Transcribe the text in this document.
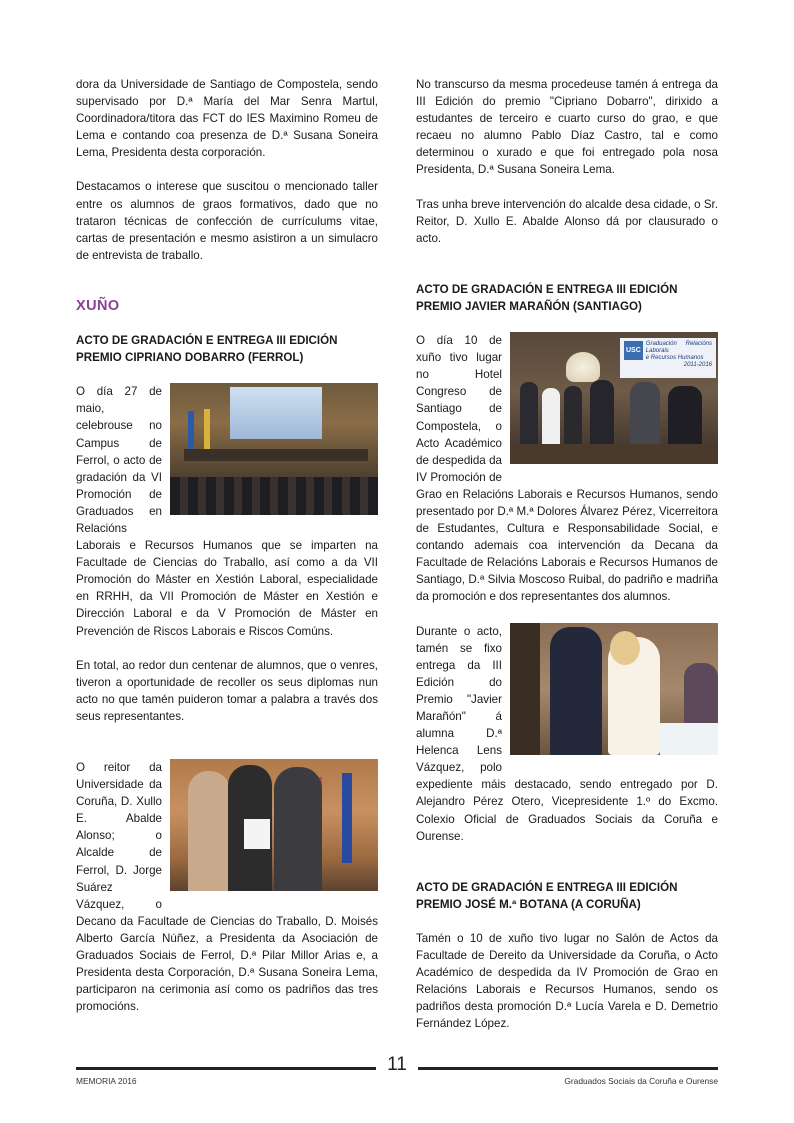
dora da Universidade de Santiago de Compostela, sendo supervisado por D.ª María del Mar Senra Martul, Coordinadora/titora das FCT do IES Maximino Romeu de Lema e contando coa presenza de D.ª Susana Soneira Lema, Presidenta desta corporación.

Destacamos o interese que suscitou o mencionado taller entre os alumnos de graos formativos, dado que no trataron técnicas de confección de currículums vitae, cartas de presentación e mesmo asistiron a un simulacro de entrevista de traballo.

XUÑO
ACTO DE GRADACIÓN E ENTREGA III EDICIÓN PREMIO CIPRIANO DOBARRO (FERROL)

O día 27 de maio, celebrouse no Campus de Ferrol, o acto de gradación da VI Promoción de Graduados en Relacións Laborais e Recursos Humanos que se imparten na Facultade de Ciencias do Traballo, así como a da VII Promoción do Máster en Xestión Laboral, especialidade en RRHH, da VII Promoción de Máster en Xestión e Dirección Laboral e da V Promoción de Máster en Prevención de Riscos Laborais e Riscos Comúns.

En total, ao redor dun centenar de alumnos, que o venres, tiveron a oportunidade de recoller os seus diplomas nun acto no que tamén puideron tomar a palabra a través dos seus representantes.

O reitor da Universidade da Coruña, D. Xullo E. Abalde Alonso; o Alcalde de Ferrol, D. Jorge Suárez Vázquez, o Decano da Facultade de Ciencias do Traballo, D. Moisés Alberto García Núñez, a Presidenta da Asociación de Graduados Sociais de Ferrol, D.ª Pilar Millor Arias e, a Presidenta desta Corporación, D.ª Susana Soneira Lema, participaron na cerimonia así como os padriños das tres promocións.

No transcurso da mesma procedeuse tamén á entrega da III Edición do premio "Cipriano Dobarro", dirixido a estudantes de terceiro e cuarto curso do grao, e que recaeu no alumno Pablo Díaz Castro, tal e como determinou o xurado e que foi entregado pola nosa Presidenta, D.ª Susana Soneira Lema.

Tras unha breve intervención do alcalde desa cidade, o Sr. Reitor, D. Xullo E. Abalde Alonso dá por clausurado o acto.

ACTO DE GRADACIÓN E ENTREGA III EDICIÓN PREMIO JAVIER MARAÑÓN (SANTIAGO)
USC
Graduación Relacións Laborais
e Recursos Humanos
2011-2016

O día 10 de xuño tivo lugar no Hotel Congreso de Santiago de Compostela, o Acto Académico de despedida da IV Promoción de Grao en Relacións Laborais e Recursos Humanos, sendo presentado por D.ª M.ª Dolores Álvarez Pérez, Vicerreitora de Estudantes, Cultura e Responsabilidade Social, e contando ademais coa intervención da Decana da Facultade de Relacións Laborais e Recursos Humanos de Santiago, D.ª Silvia Moscoso Ruibal, do padriño e madriña da promoción e dos representantes dos alumnos.

Durante o acto, tamén se fixo entrega da III Edición do Premio "Javier Marañón" á alumna D.ª Helenca Lens Vázquez, polo expediente máis destacado, sendo entregado por D. Alejandro Pérez Otero, Vicepresidente 1.º do Excmo. Colexio Oficial de Graduados Sociais da Coruña e Ourense.

ACTO DE GRADACIÓN E ENTREGA III EDICIÓN PREMIO JOSÉ M.ª BOTANA (A CORUÑA)

Tamén o 10 de xuño tivo lugar no Salón de Actos da Facultade de Dereito da Universidade da Coruña, o Acto Académico de despedida da IV Promoción de Grao en Relacións Laborais e Recursos Humanos, sendo os padriños desta promoción D.ª Lucía Varela e D. Demetrio Fernández López.

11
MEMORIA 2016	Graduados Sociais da Coruña e Ourense
